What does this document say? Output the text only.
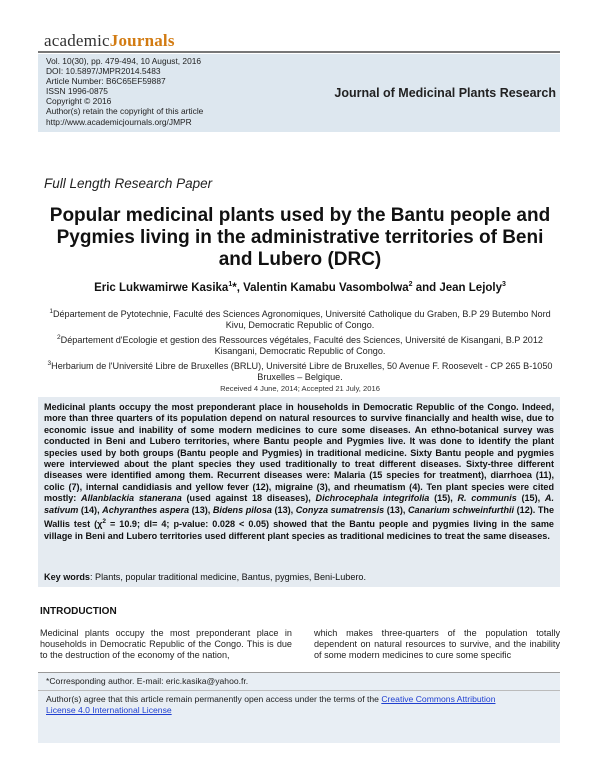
academicJournals
Vol. 10(30), pp. 479-494, 10 August, 2016
DOI: 10.5897/JMPR2014.5483
Article Number: B6C65EF59887
ISSN 1996-0875
Copyright © 2016
Author(s) retain the copyright of this article
http://www.academicjournals.org/JMPR
Journal of Medicinal Plants Research
Full Length Research Paper
Popular medicinal plants used by the Bantu people and
Pygmies living in the administrative territories of Beni
and Lubero (DRC)
Eric Lukwamirwe Kasika$^1$*, Valentin Kamabu Vasombolwa$^2$ and Jean Lejoly$^3$

$^1$Département de Pytotechnie, Faculté des Sciences Agronomiques, Université Catholique du Graben, B.P 29 Butembo Nord Kivu, Democratic Republic of Congo.

$^2$Département d'Ecologie et gestion des Ressources végétales, Faculté des Sciences, Université de Kisangani, B.P 2012 Kisangani, Democratic Republic of Congo.

$^3$Herbarium de l'Université Libre de Bruxelles (BRLU), Université Libre de Bruxelles, 50 Avenue F. Roosevelt - CP 265 B-1050 Bruxelles – Belgique.

Received 4 June, 2014; Accepted 21 July, 2016
Medicinal plants occupy the most preponderant place in households in Democratic Republic of the Congo. Indeed, more than three quarters of its population depend on natural resources to survive financially and health wise, due to economic issue and inability of some modern medicines to cure some diseases. An ethno-botanical survey was conducted in Beni and Lubero territories, where Bantu people and Pygmies live. It was done to identify the plant species used by both groups (Bantu people and Pygmies) in traditional medicine. Sixty Bantu people and pygmies were interviewed about the plant species they used traditionally to treat different diseases. Sixty-three different diseases were identified among them. Recurrent diseases were: Malaria (15 species for treatment), diarrhoea (11), colic (7), internal candidiasis and yellow fever (12), migraine (3), and rheumatism (4). Ten plant species were cited mostly: Allanblackia stanerana (used against 18 diseases), Dichrocephala integrifolia (15), R. communis (15), A. sativum (14), Achyranthes aspera (13), Bidens pilosa (13), Conyza sumatrensis (13), Canarium schweinfurthii (12). The Wallis test ($\chi^2 = 10.9$; dl= 4; p-value: 0.028 < 0.05) showed that the Bantu people and pygmies living in the same village in Beni and Lubero territories used different plant species as traditional medicines to treat the same diseases.
Key words: Plants, popular traditional medicine, Bantus, pygmies, Beni-Lubero.
INTRODUCTION
Medicinal plants occupy the most preponderant place in households in Democratic Republic of the Congo. This is due to the destruction of the economy of the nation,
which makes three-quarters of the population totally dependent on natural resources to survive, and the inability of some modern medicines to cure some specific
*Corresponding author. E-mail: eric.kasika@yahoo.fr.
Author(s) agree that this article remain permanently open access under the terms of the Creative Commons Attribution
License 4.0 International License
